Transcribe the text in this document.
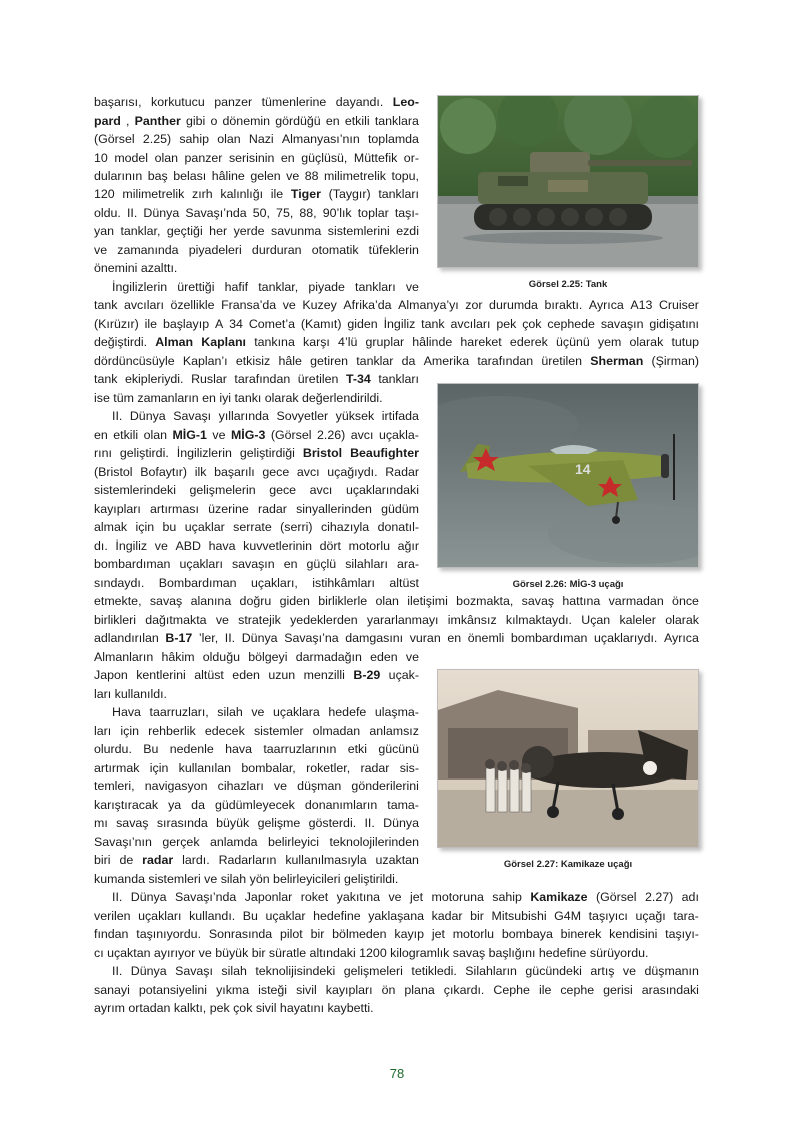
başarısı, korkutucu panzer tümenlerine dayandı. Leo-
pard , Panther gibi o dönemin gördüğü en etkili tanklara
(Görsel 2.25) sahip olan Nazi Almanyası’nın toplamda
10 model olan panzer serisinin en güçlüsü, Müttefik or-
dularının baş belası hâline gelen ve 88 milimetrelik topu,
120 milimetrelik zırh kalınlığı ile Tiger (Taygır) tankları
oldu. II. Dünya Savaşı’nda 50, 75, 88, 90’lık toplar taşı-
yan tanklar, geçtiği her yerde savunma sistemlerini ezdi
ve zamanında piyadeleri durduran otomatik tüfeklerin
önemini azalttı.
İngilizlerin ürettiği hafif tanklar, piyade tankları ve
tank avcıları özellikle Fransa’da ve Kuzey Afrika’da Almanya’yı zor durumda bıraktı. Ayrıca A13 Cruiser
(Kırüzır) ile başlayıp A 34 Comet’a (Kamıt) giden İngiliz tank avcıları pek çok cephede savaşın gidişatını
değiştirdi. Alman Kaplanı tankına karşı 4’lü gruplar hâlinde hareket ederek üçünü yem olarak tutup
dördüncüsüyle Kaplan’ı etkisiz hâle getiren tanklar da Amerika tarafından üretilen Sherman (Şirman)
tank ekipleriydi. Ruslar tarafından üretilen T-34 tankları
ise tüm zamanların en iyi tankı olarak değerlendirildi.
II. Dünya Savaşı yıllarında Sovyetler yüksek irtifada
en etkili olan MİG-1 ve MİG-3 (Görsel 2.26) avcı uçakla-
rını geliştirdi. İngilizlerin geliştirdiği Bristol Beaufighter
(Bristol Bofaytır) ilk başarılı gece avcı uçağıydı. Radar
sistemlerindeki gelişmelerin gece avcı uçaklarındaki
kayıpları artırması üzerine radar sinyallerinden güdüm
almak için bu uçaklar serrate (serri) cihazıyla donatıl-
dı. İngiliz ve ABD hava kuvvetlerinin dört motorlu ağır
bombardıman uçakları savaşın en güçlü silahları ara-
sındaydı. Bombardıman uçakları, istihkâmları altüst
etmekte, savaş alanına doğru giden birliklerle olan iletişimi bozmakta, savaş hattına varmadan önce
birlikleri dağıtmakta ve stratejik yedeklerden yararlanmayı imkânsız kılmaktaydı. Uçan kaleler olarak
adlandırılan B-17 ’ler, II. Dünya Savaşı’na damgasını vuran en önemli bombardıman uçaklarıydı. Ayrıca
Almanların hâkim olduğu bölgeyi darmadağın eden ve
Japon kentlerini altüst eden uzun menzilli B-29 uçak-
ları kullanıldı.
Hava taarruzları, silah ve uçaklara hedefe ulaşma-
ları için rehberlik edecek sistemler olmadan anlamsız
olurdu. Bu nedenle hava taarruzlarının etki gücünü
artırmak için kullanılan bombalar, roketler, radar sis-
temleri, navigasyon cihazları ve düşman gönderilerini
karıştıracak ya da güdümleyecek donanımların tama-
mı savaş sırasında büyük gelişme gösterdi. II. Dünya
Savaşı’nın gerçek anlamda belirleyici teknolojilerinden
biri de radar lardı. Radarların kullanılmasıyla uzaktan
kumanda sistemleri ve silah yön belirleyicileri geliştirildi.
II. Dünya Savaşı’nda Japonlar roket yakıtına ve jet motoruna sahip Kamikaze (Görsel 2.27) adı
verilen uçakları kullandı. Bu uçaklar hedefine yaklaşana kadar bir Mitsubishi G4M taşıyıcı uçağı tara-
fından taşınıyordu. Sonrasında pilot bir bölmeden kayıp jet motorlu bombaya binerek kendisini taşıyı-
cı uçaktan ayırıyor ve büyük bir süratle altındaki 1200 kilogramlık savaş başlığını hedefine sürüyordu.
II. Dünya Savaşı silah teknolijisindeki gelişmeleri tetikledi. Silahların gücündeki artış ve düşmanın
sanayi potansiyelini yıkma isteği sivil kayıpları ön plana çıkardı. Cephe ile cephe gerisi arasındaki
ayrım ortadan kalktı, pek çok sivil hayatını kaybetti.
Görsel 2.25: Tank
14
Görsel 2.26: MİG-3 uçağı
Görsel 2.27: Kamikaze uçağı
78
